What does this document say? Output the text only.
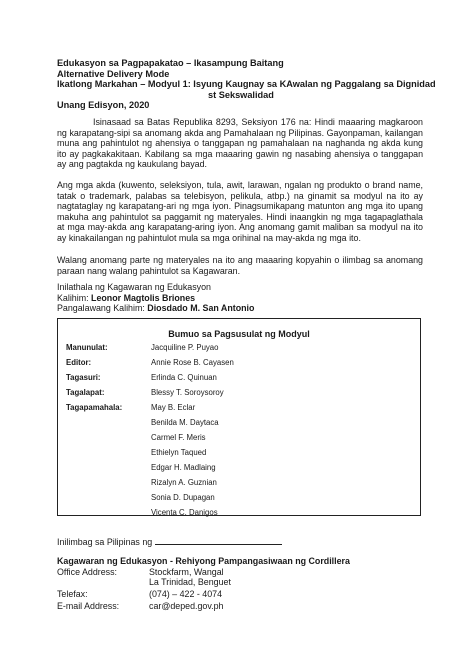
Edukasyon sa Pagpapakatao – Ikasampung Baitang
Alternative Delivery Mode
Ikatlong Markahan – Modyul 1: Isyung Kaugnay sa KAwalan ng Paggalang sa Dignidad
st Sekswalidad
Unang Edisyon, 2020

Isinasaad sa Batas Republika 8293, Seksiyon 176 na: Hindi maaaring magkaroon ng karapatang-sipi sa anomang akda ang Pamahalaan ng Pilipinas. Gayonpaman, kailangan muna ang pahintulot ng ahensiya o tanggapan ng pamahalaan na naghanda ng akda kung ito ay pagkakakitaan. Kabilang sa mga maaaring gawin ng nasabing ahensiya o tanggapan ay ang pagtakda ng kaukulang bayad.

Ang mga akda (kuwento, seleksiyon, tula, awit, larawan, ngalan ng produkto o brand name, tatak o trademark, palabas sa telebisyon, pelikula, atbp.) na ginamit sa modyul na ito ay nagtataglay ng karapatang-ari ng mga iyon. Pinagsumikapang matunton ang mga ito upang makuha ang pahintulot sa paggamit ng materyales. Hindi inaangkin ng mga tagapaglathala at mga may-akda ang karapatang-aring iyon. Ang anomang gamit maliban sa modyul na ito ay kinakailangan ng pahintulot mula sa mga orihinal na may-akda ng mga ito.

Walang anomang parte ng materyales na ito ang maaaring kopyahin o ilimbag sa anomang paraan nang walang pahintulot sa Kagawaran.

Inilathala ng Kagawaran ng Edukasyon
Kalihim: Leonor Magtolis Briones
Pangalawang Kalihim: Diosdado M. San Antonio
Bumuo sa Pagsusulat ng Modyul
Manunulat:	Jacquiline P. Puyao
Editor:	Annie Rose B. Cayasen
Tagasuri:	Erlinda C. Quinuan
Tagalapat:	Blessy T. Soroysoroy
Tagapamahala:	May B. Eclar
Benilda M. Daytaca
Carmel F. Meris
Ethielyn Taqued
Edgar H. Madlaing
Rizalyn A. Guznian
Sonia D. Dupagan
Vicenta C. Danigos
Inilimbag sa Pilipinas ng
Kagawaran ng Edukasyon - Rehiyong Pampangasiwaan ng Cordillera
Office Address:	Stockfarm, Wangal
La Trinidad, Benguet
Telefax:	(074) – 422 - 4074
E-mail Address:	car@deped.gov.ph
